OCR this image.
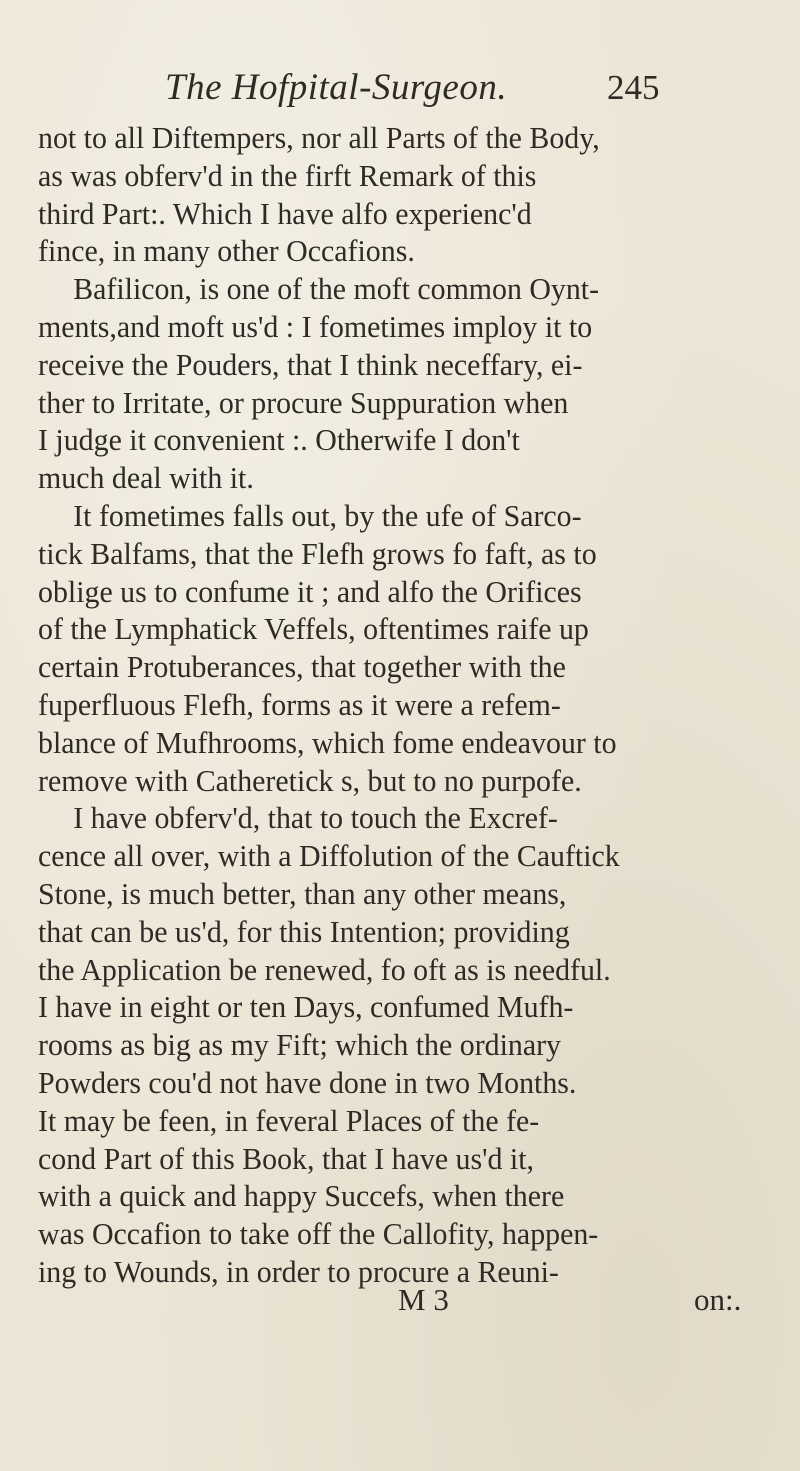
The Hofpital-Surgeon.	245
not to all Diftempers, nor all Parts of the Body,
as was obferv'd in the firft Remark of this
third Part:. Which I have alfo experienc'd
fince, in many other Occafions.
Bafilicon, is one of the moft common Oynt-
ments,and moft us'd : I fometimes imploy it to
receive the Pouders, that I think neceffary, ei-
ther to Irritate, or procure Suppuration when
I judge it convenient :. Otherwife I don't
much deal with it.
It fometimes falls out, by the ufe of Sarco-
tick Balfams, that the Flefh grows fo faft, as to
oblige us to confume it ; and alfo the Orifices
of the Lymphatick Veffels, oftentimes raife up
certain Protuberances, that together with the
fuperfluous Flefh, forms as it were a refem-
blance of Mufhrooms, which fome endeavour to
remove with Catheretick s, but to no purpofe.
I have obferv'd, that to touch the Excref-
cence all over, with a Diffolution of the Cauftick
Stone, is much better, than any other means,
that can be us'd, for this Intention; providing
the Application be renewed, fo oft as is needful.
I have in eight or ten Days, confumed Mufh-
rooms as big as my Fift; which the ordinary
Powders cou'd not have done in two Months.
It may be feen, in feveral Places of the fe-
cond Part of this Book, that I have us'd it,
with a quick and happy Succefs, when there
was Occafion to take off the Callofity, happen-
ing to Wounds, in order to procure a Reuni-
M 3	on:.
